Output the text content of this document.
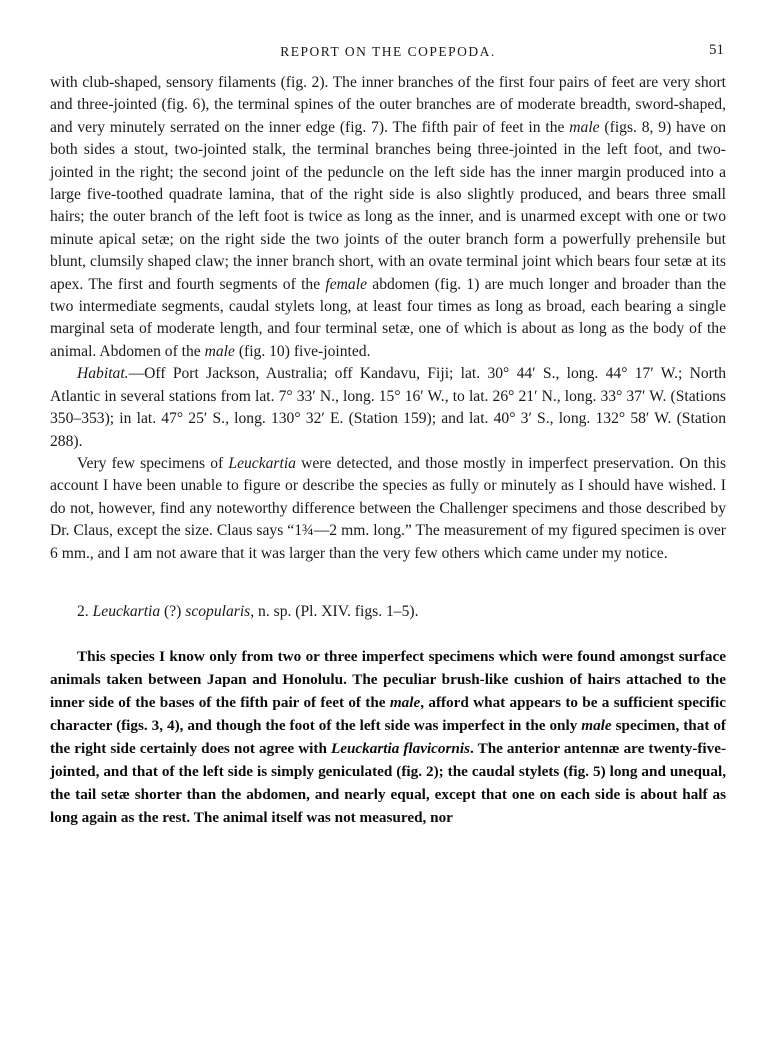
REPORT ON THE COPEPODA.	51

with club-shaped, sensory filaments (fig. 2). The inner branches of the first four pairs of feet are very short and three-jointed (fig. 6), the terminal spines of the outer branches are of moderate breadth, sword-shaped, and very minutely serrated on the inner edge (fig. 7). The fifth pair of feet in the male (figs. 8, 9) have on both sides a stout, two-jointed stalk, the terminal branches being three-jointed in the left foot, and two-jointed in the right; the second joint of the peduncle on the left side has the inner margin produced into a large five-toothed quadrate lamina, that of the right side is also slightly produced, and bears three small hairs; the outer branch of the left foot is twice as long as the inner, and is unarmed except with one or two minute apical setæ; on the right side the two joints of the outer branch form a powerfully prehensile but blunt, clumsily shaped claw; the inner branch short, with an ovate terminal joint which bears four setæ at its apex. The first and fourth segments of the female abdomen (fig. 1) are much longer and broader than the two intermediate segments, caudal stylets long, at least four times as long as broad, each bearing a single marginal seta of moderate length, and four terminal setæ, one of which is about as long as the body of the animal. Abdomen of the male (fig. 10) five-jointed.

Habitat.—Off Port Jackson, Australia; off Kandavu, Fiji; lat. 30° 44′ S., long. 44° 17′ W.; North Atlantic in several stations from lat. 7° 33′ N., long. 15° 16′ W., to lat. 26° 21′ N., long. 33° 37′ W. (Stations 350–353); in lat. 47° 25′ S., long. 130° 32′ E. (Station 159); and lat. 40° 3′ S., long. 132° 58′ W. (Station 288).

Very few specimens of Leuckartia were detected, and those mostly in imperfect preservation. On this account I have been unable to figure or describe the species as fully or minutely as I should have wished. I do not, however, find any noteworthy difference between the Challenger specimens and those described by Dr. Claus, except the size. Claus says “1¾—2 mm. long.” The measurement of my figured specimen is over 6 mm., and I am not aware that it was larger than the very few others which came under my notice.

2. Leuckartia (?) scopularis, n. sp. (Pl. XIV. figs. 1–5).

This species I know only from two or three imperfect specimens which were found amongst surface animals taken between Japan and Honolulu. The peculiar brush-like cushion of hairs attached to the inner side of the bases of the fifth pair of feet of the male, afford what appears to be a sufficient specific character (figs. 3, 4), and though the foot of the left side was imperfect in the only male specimen, that of the right side certainly does not agree with Leuckartia flavicornis. The anterior antennæ are twenty-five-jointed, and that of the left side is simply geniculated (fig. 2); the caudal stylets (fig. 5) long and unequal, the tail setæ shorter than the abdomen, and nearly equal, except that one on each side is about half as long again as the rest. The animal itself was not measured, nor
